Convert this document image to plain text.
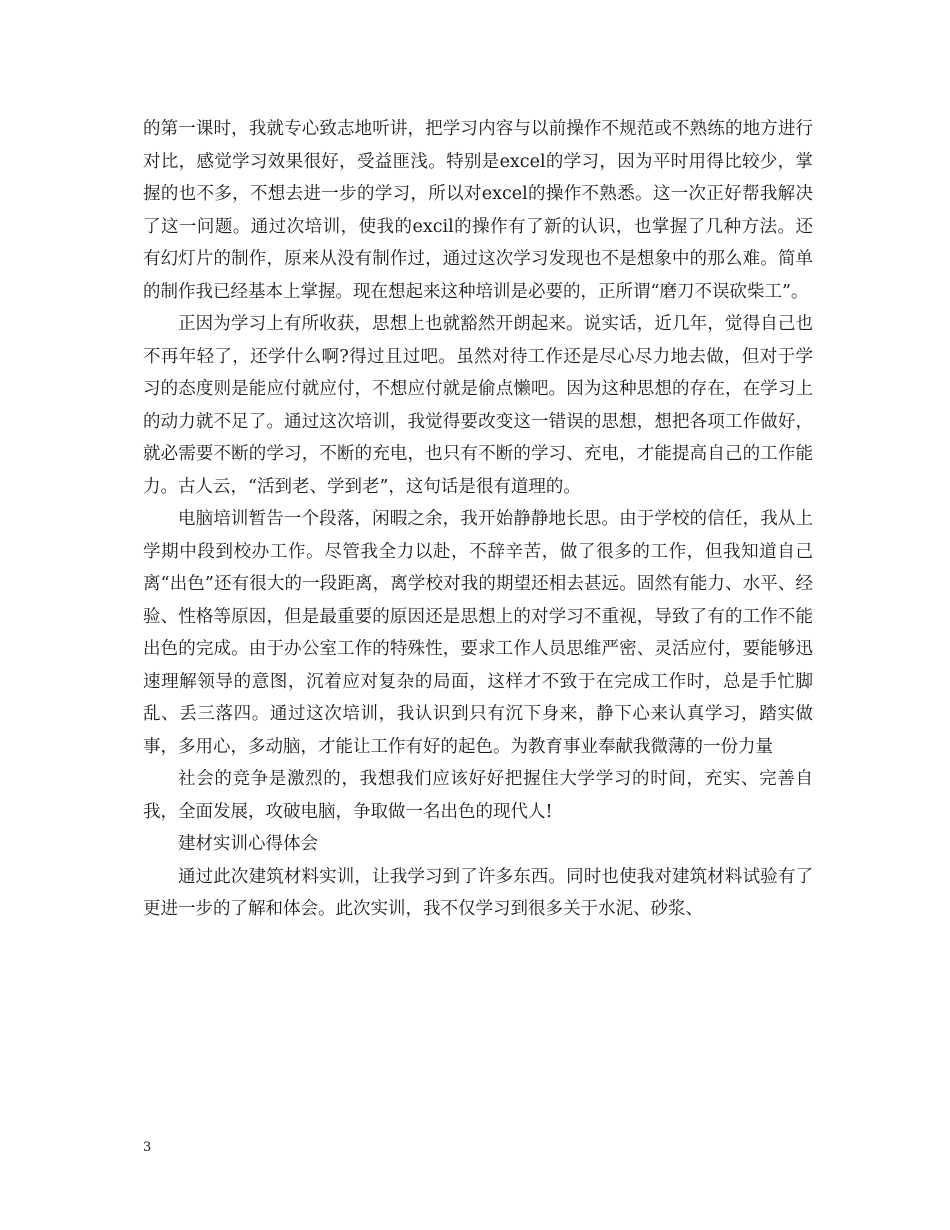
的第一课时，我就专心致志地听讲，把学习内容与以前操作不规范或不熟练的地方进行对比，感觉学习效果很好，受益匪浅。特别是excel的学习，因为平时用得比较少，掌握的也不多，不想去进一步的学习，所以对excel的操作不熟悉。这一次正好帮我解决了这一问题。通过次培训，使我的excil的操作有了新的认识，也掌握了几种方法。还有幻灯片的制作，原来从没有制作过，通过这次学习发现也不是想象中的那么难。简单的制作我已经基本上掌握。现在想起来这种培训是必要的，正所谓“磨刀不误砍柴工”。

正因为学习上有所收获，思想上也就豁然开朗起来。说实话，近几年，觉得自己也不再年轻了，还学什么啊?得过且过吧。虽然对待工作还是尽心尽力地去做，但对于学习的态度则是能应付就应付，不想应付就是偷点懒吧。因为这种思想的存在，在学习上的动力就不足了。通过这次培训，我觉得要改变这一错误的思想，想把各项工作做好，就必需要不断的学习，不断的充电，也只有不断的学习、充电，才能提高自己的工作能力。古人云，“活到老、学到老”，这句话是很有道理的。

电脑培训暂告一个段落，闲暇之余，我开始静静地长思。由于学校的信任，我从上学期中段到校办工作。尽管我全力以赴，不辞辛苦，做了很多的工作，但我知道自己离“出色”还有很大的一段距离，离学校对我的期望还相去甚远。固然有能力、水平、经验、性格等原因，但是最重要的原因还是思想上的对学习不重视，导致了有的工作不能出色的完成。由于办公室工作的特殊性，要求工作人员思维严密、灵活应付，要能够迅速理解领导的意图，沉着应对复杂的局面，这样才不致于在完成工作时，总是手忙脚乱、丢三落四。通过这次培训，我认识到只有沉下身来，静下心来认真学习，踏实做事，多用心，多动脑，才能让工作有好的起色。为教育事业奉献我微薄的一份力量

社会的竞争是激烈的，我想我们应该好好把握住大学学习的时间，充实、完善自我，全面发展，攻破电脑，争取做一名出色的现代人!

建材实训心得体会

通过此次建筑材料实训，让我学习到了许多东西。同时也使我对建筑材料试验有了更进一步的了解和体会。此次实训，我不仅学习到很多关于水泥、砂浆、

3
